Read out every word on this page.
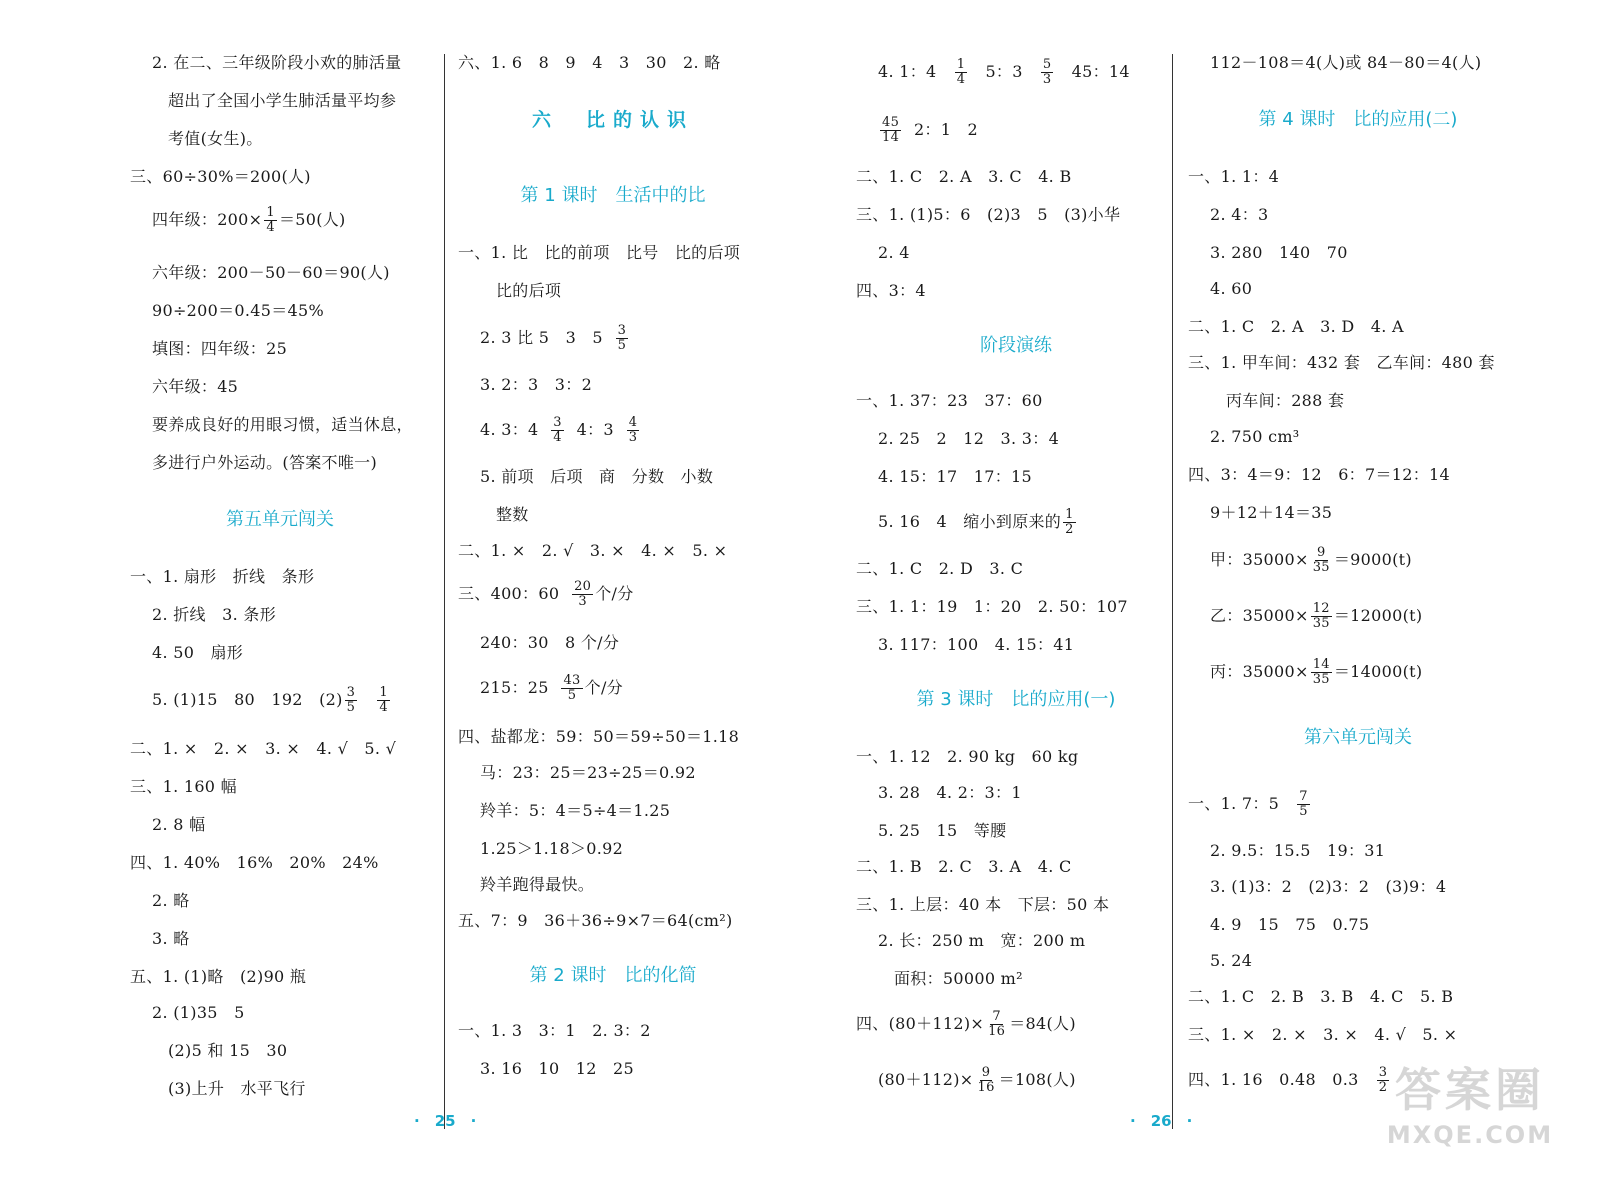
2. 在二、三年级阶段小欢的肺活量
超出了全国小学生肺活量平均参
考值(女生)。
三、60÷30%＝200(人)
四年级：$200\times \frac{1}{4} =50$(人)
六年级：200－50－60＝90(人)
90÷200＝0.45＝45%
填图：四年级：25
六年级：45
要养成良好的用眼习惯，适当休息，
多进行户外运动。(答案不唯一)
第五单元闯关
一、1. 扇形　折线　条形
2. 折线　3. 条形
4. 50　扇形
5. (1)15　80　192　$(2) \frac{3}{5}$
$\frac{1}{4}$
二、1. ×　2. ×　3. ×　4. √　5. √
三、1. 160 幅
2. 8 幅
四、1. 40%　16%　20%　24%
2. 略
3. 略
五、1. (1)略　(2)90 瓶
2. (1)35　5
(2)5 和 15　30
(3)上升　水平飞行
六、1. 6　8　9　4　3　30　2. 略
六　比的认识
第 1 课时　生活中的比
一、1. 比　比的前项　比号　比的后项
比的后项
2. 3 比 5　3　$5 \frac{3}{5}$
3. 2：3　3：2
4. 3：$4 \frac{3}{4} 4$：$3 \frac{4}{3}$
5. 前项　后项　商　分数　小数
整数
二、1. ×　2. √　3. ×　4. ×　5. ×
三、400：$60 \frac{20}{3}$ 个/分
240：30　8 个/分
215：$25 \frac{43}{5}$ 个/分
四、盐都龙：59：50＝59÷50＝1.18
马：23：25＝23÷25＝0.92
羚羊：5：4＝5÷4＝1.25
1.25＞1.18＞0.92
羚羊跑得最快。
五、7：9　36＋36÷9×7＝64(cm²)
第 2 课时　比的化简
一、1. 3　3：1　2. 3：2
3. 16　10　12　25
4. 1：$4 \frac{1}{4} 5$：$3 \frac{5}{3} 45$：14
$\frac{45}{14} 2$：1　2
二、1. C　2. A　3. C　4. B
三、1. (1)5：6　(2)3　5　(3)小华
2. 4
四、3：4
阶段演练
一、1. 37：23　37：60
2. 25　2　12　3. 3：4
4. 15：17　17：15
5. 16　4　缩小到原来的 $\frac{1}{2}$
二、1. C　2. D　3. C
三、1. 1：19　1：20　2. 50：107
3. 117：100　4. 15：41
第 3 课时　比的应用(一)
一、1. 12　2. 90 kg　60 kg
3. 28　4. 2：3：1
5. 25　15　等腰
二、1. B　2. C　3. A　4. C
三、1. 上层：40 本　下层：50 本
2. 长：250 m　宽：200 m
面积：50000 m²
四、$(80+112)\times \frac{7}{16} =84$(人)
$(80+112)\times \frac{9}{16} =108$(人)
112－108＝4(人)或 84－80＝4(人)
第 4 课时　比的应用(二)
一、1. 1：4
2. 4：3
3. 280　140　70
4. 60
二、1. C　2. A　3. D　4. A
三、1. 甲车间：432 套　乙车间：480 套
丙车间：288 套
2. 750 cm³
四、3：4＝9：12　6：7＝12：14
9＋12＋14＝35
甲：$35000\times \frac{9}{35} =9000(t)$
乙：$35000\times \frac{12}{35} =12000(t)$
丙：$35000\times \frac{14}{35} =14000(t)$
第六单元闯关
一、1. 7：$5 \frac{7}{5}$
2. 9.5：15.5　19：31
3. (1)3：2　(2)3：2　(3)9：4
4. 9　15　75　0.75
5. 24
二、1. C　2. B　3. B　4. C　5. B
三、1. ×　2. ×　3. ×　4. √　5. ×
四、1. 16　0.48　$0.3 \frac{3}{2}$
·　25　·	·　26　·
答案圈
MXQE.COM
